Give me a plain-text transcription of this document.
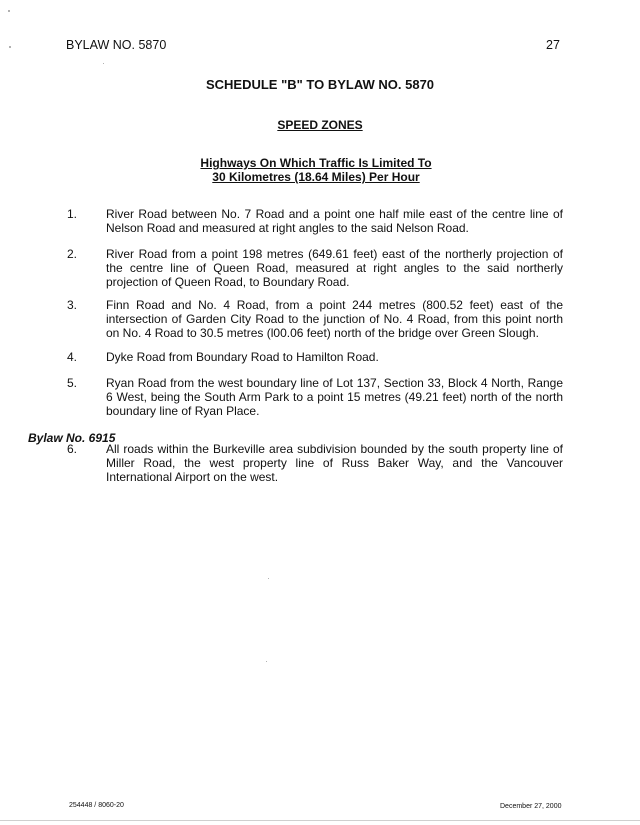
BYLAW NO. 5870	27
SCHEDULE "B" TO BYLAW NO. 5870
SPEED ZONES
Highways On Which Traffic Is Limited To
30 Kilometres (18.64 Miles) Per Hour
1. River Road between No. 7 Road and a point one half mile east of the centre line of Nelson Road and measured at right angles to the said Nelson Road.
2. River Road from a point 198 metres (649.61 feet) east of the northerly projection of the centre line of Queen Road, measured at right angles to the said northerly projection of Queen Road, to Boundary Road.
3. Finn Road and No. 4 Road, from a point 244 metres (800.52 feet) east of the intersection of Garden City Road to the junction of No. 4 Road, from this point north on No. 4 Road to 30.5 metres (l00.06 feet) north of the bridge over Green Slough.
4. Dyke Road from Boundary Road to Hamilton Road.
5. Ryan Road from the west boundary line of Lot 137, Section 33, Block 4 North, Range 6 West, being the South Arm Park to a point 15 metres (49.21 feet) north of the north boundary line of Ryan Place.
Bylaw No. 6915
6. All roads within the Burkeville area subdivision bounded by the south property line of Miller Road, the west property line of Russ Baker Way, and the Vancouver International Airport on the west.
254448 / 8060-20	December 27, 2000
